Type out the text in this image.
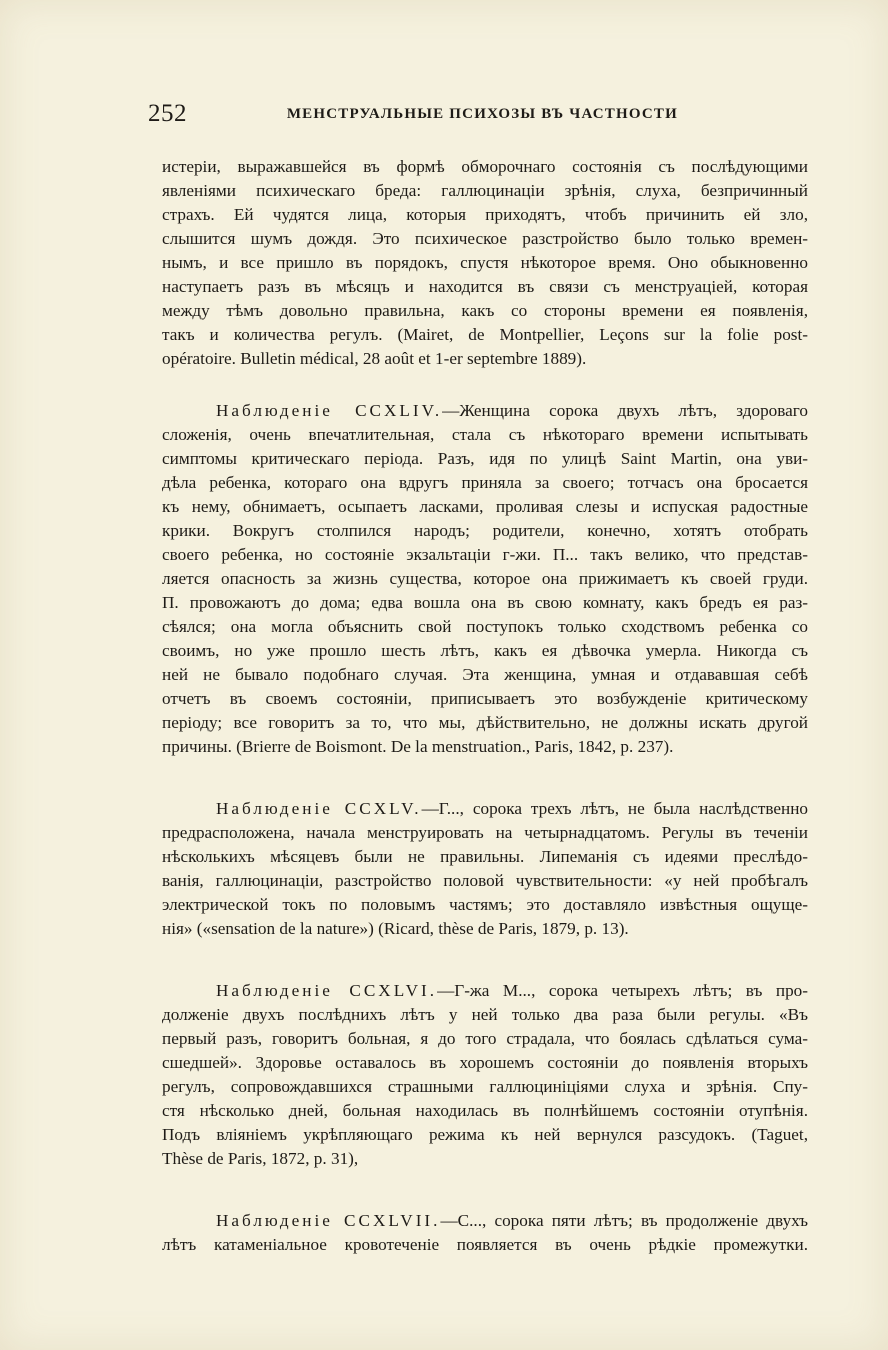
252	МЕНСТРУАЛЬНЫЕ ПСИХОЗЫ ВЪ ЧАСТНОСТИ
истеріи, выражавшейся въ формѣ обморочнаго состоянія съ послѣдующими
явленіями психическаго бреда: галлюцинаціи зрѣнія, слуха, безпричинный
страхъ. Ей чудятся лица, которыя приходятъ, чтобъ причинить ей зло,
слышится шумъ дождя. Это психическое разстройство было только времен-
нымъ, и все пришло въ порядокъ, спустя нѣкоторое время. Оно обыкновенно
наступаетъ разъ въ мѣсяцъ и находится въ связи съ менструаціей, которая
между тѣмъ довольно правильна, какъ со стороны времени ея появленія,
такъ и количества регулъ. (Mairet, de Montpellier, Leçons sur la folie post-
opératoire. Bulletin médical, 28 août et 1-er septembre 1889).
Наблюденіе CCXLIV.—Женщина сорока двухъ лѣтъ, здороваго
сложенія, очень впечатлительная, стала съ нѣкотораго времени испытывать
симптомы критическаго періода. Разъ, идя по улицѣ Saint Martin, она уви-
дѣла ребенка, котораго она вдругъ приняла за своего; тотчасъ она бросается
къ нему, обнимаетъ, осыпаетъ ласками, проливая слезы и испуская радостные
крики. Вокругъ столпился народъ; родители, конечно, хотятъ отобрать
своего ребенка, но состояніе экзальтаціи г-жи. П... такъ велико, что представ-
ляется опасность за жизнь существа, которое она прижимаетъ къ своей груди.
П. провожаютъ до дома; едва вошла она въ свою комнату, какъ бредъ ея раз-
сѣялся; она могла объяснить свой поступокъ только сходствомъ ребенка со
своимъ, но уже прошло шесть лѣтъ, какъ ея дѣвочка умерла. Никогда съ
ней не бывало подобнаго случая. Эта женщина, умная и отдававшая себѣ
отчетъ въ своемъ состояніи, приписываетъ это возбужденіе критическому
періоду; все говоритъ за то, что мы, дѣйствительно, не должны искать другой
причины. (Brierre de Boismont. De la menstruation., Paris, 1842, p. 237).
Наблюденіе CCXLV.—Г..., сорока трехъ лѣтъ, не была наслѣдственно
предрасположена, начала менструировать на четырнадцатомъ. Регулы въ теченіи
нѣсколькихъ мѣсяцевъ были не правильны. Липеманія съ идеями преслѣдо-
ванія, галлюцинаціи, разстройство половой чувствительности: «у ней пробѣгалъ
электрической токъ по половымъ частямъ; это доставляло извѣстныя ощуще-
нія» («sensation de la nature») (Ricard, thèse de Paris, 1879, p. 13).
Наблюденіе CCXLVI.—Г-жа М..., сорока четырехъ лѣтъ; въ про-
долженіе двухъ послѣднихъ лѣтъ у ней только два раза были регулы. «Въ
первый разъ, говоритъ больная, я до того страдала, что боялась сдѣлаться сума-
сшедшей». Здоровье оставалось въ хорошемъ состояніи до появленія вторыхъ
регулъ, сопровождавшихся страшными галлюциніціями слуха и зрѣнія. Спу-
стя нѣсколько дней, больная находилась въ полнѣйшемъ состояніи отупѣнія.
Подъ вліяніемъ укрѣпляющаго режима къ ней вернулся разсудокъ. (Taguet,
Thèse de Paris, 1872, p. 31),
Наблюденіе CCXLVII.—С..., сорока пяти лѣтъ; въ продолженіе двухъ
лѣтъ катаменіальное кровотеченіе появляется въ очень рѣдкіе промежутки.
